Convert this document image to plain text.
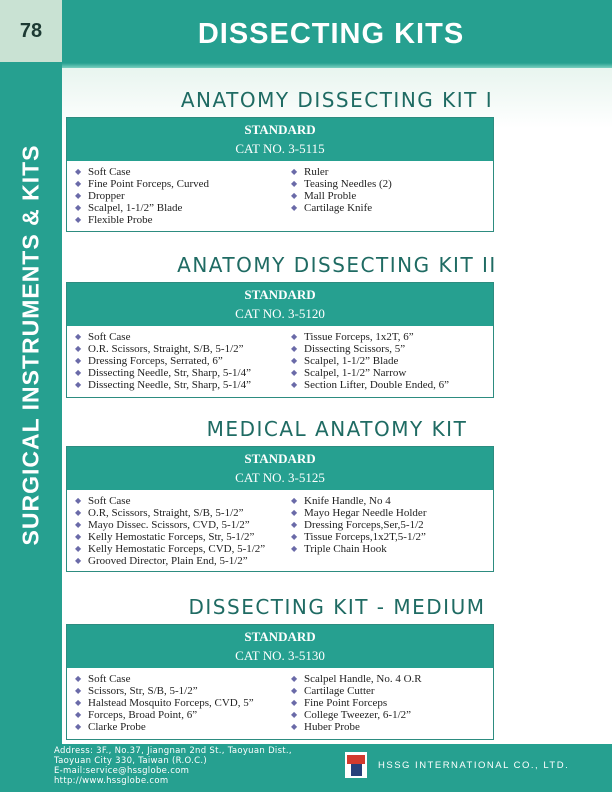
78	DISSECTING KITS
SURGICAL INSTRUMENTS & KITS
ANATOMY DISSECTING KIT I
STANDARD
CAT NO. 3-5115
◆ Soft Case
◆ Fine Point Forceps, Curved
◆ Dropper
◆ Scalpel, 1-1/2” Blade
◆ Flexible Probe
◆ Ruler
◆ Teasing Needles (2)
◆ Mall Proble
◆ Cartilage Knife
ANATOMY DISSECTING KIT II
STANDARD
CAT NO. 3-5120
◆ Soft Case
◆ O.R. Scissors, Straight, S/B, 5-1/2”
◆ Dressing Forceps, Serrated, 6”
◆ Dissecting Needle, Str, Sharp, 5-1/4”
◆ Dissecting Needle, Str, Sharp, 5-1/4”
◆ Tissue Forceps, 1x2T, 6”
◆ Dissecting Scissors, 5”
◆ Scalpel, 1-1/2” Blade
◆ Scalpel, 1-1/2” Narrow
◆ Section Lifter, Double Ended, 6”
MEDICAL ANATOMY KIT
STANDARD
CAT NO. 3-5125
◆ Soft Case
◆ O.R, Scissors, Straight, S/B, 5-1/2”
◆ Mayo Dissec. Scissors, CVD, 5-1/2”
◆ Kelly Hemostatic Forceps, Str, 5-1/2”
◆ Kelly Hemostatic Forceps, CVD, 5-1/2”
◆ Grooved Director, Plain End, 5-1/2”
◆ Knife Handle, No 4
◆ Mayo Hegar Needle Holder
◆ Dressing Forceps,Ser,5-1/2
◆ Tissue Forceps,1x2T,5-1/2”
◆ Triple Chain Hook
DISSECTING KIT - MEDIUM
STANDARD
CAT NO. 3-5130
◆ Soft Case
◆ Scissors, Str, S/B, 5-1/2”
◆ Halstead Mosquito Forceps, CVD, 5”
◆ Forceps, Broad Point, 6”
◆ Clarke Probe
◆ Scalpel Handle, No. 4 O.R
◆ Cartilage Cutter
◆ Fine Point Forceps
◆ College Tweezer, 6-1/2”
◆ Huber Probe
Address: 3F., No.37, Jiangnan 2nd St., Taoyuan Dist.,
Taoyuan City 330, Taiwan (R.O.C.)
E-mail:service@hssglobe.com
http://www.hssglobe.com
HSSG INTERNATIONAL CO., LTD.
